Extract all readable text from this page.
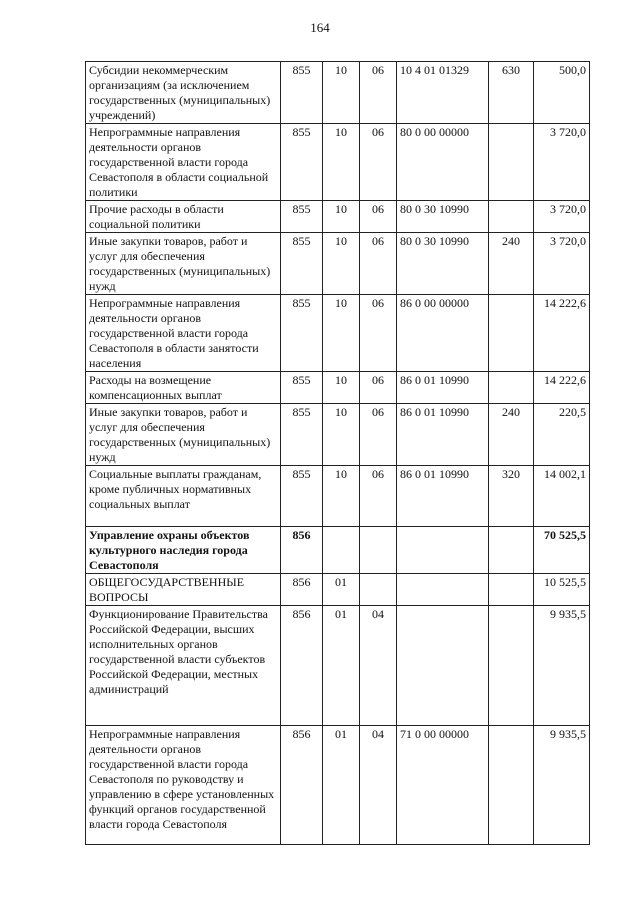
164
Субсидии некоммерческим организациям (за исключением государственных (муниципальных) учреждений)	855	10	06	10 4 01 01329	630	500,0
Непрограммные направления деятельности органов государственной власти города Севастополя в области социальной политики	855	10	06	80 0 00 00000		3 720,0
Прочие расходы в области социальной политики	855	10	06	80 0 30 10990		3 720,0
Иные закупки товаров, работ и услуг для обеспечения государственных (муниципальных) нужд	855	10	06	80 0 30 10990	240	3 720,0
Непрограммные направления деятельности органов государственной власти города Севастополя в области занятости населения	855	10	06	86 0 00 00000		14 222,6
Расходы на возмещение компенсационных выплат	855	10	06	86 0 01 10990		14 222,6
Иные закупки товаров, работ и услуг для обеспечения государственных (муниципальных) нужд	855	10	06	86 0 01 10990	240	220,5
Социальные выплаты гражданам, кроме публичных нормативных социальных выплат	855	10	06	86 0 01 10990	320	14 002,1
Управление охраны объектов культурного наследия города Севастополя	856					70 525,5
ОБЩЕГОСУДАРСТВЕННЫЕ ВОПРОСЫ	856	01				10 525,5
Функционирование Правительства Российской Федерации, высших исполнительных органов государственной власти субъектов Российской Федерации, местных администраций	856	01	04			9 935,5
Непрограммные направления деятельности органов государственной власти города Севастополя по руководству и управлению в сфере установленных функций органов государственной власти города Севастополя	856	01	04	71 0 00 00000		9 935,5
